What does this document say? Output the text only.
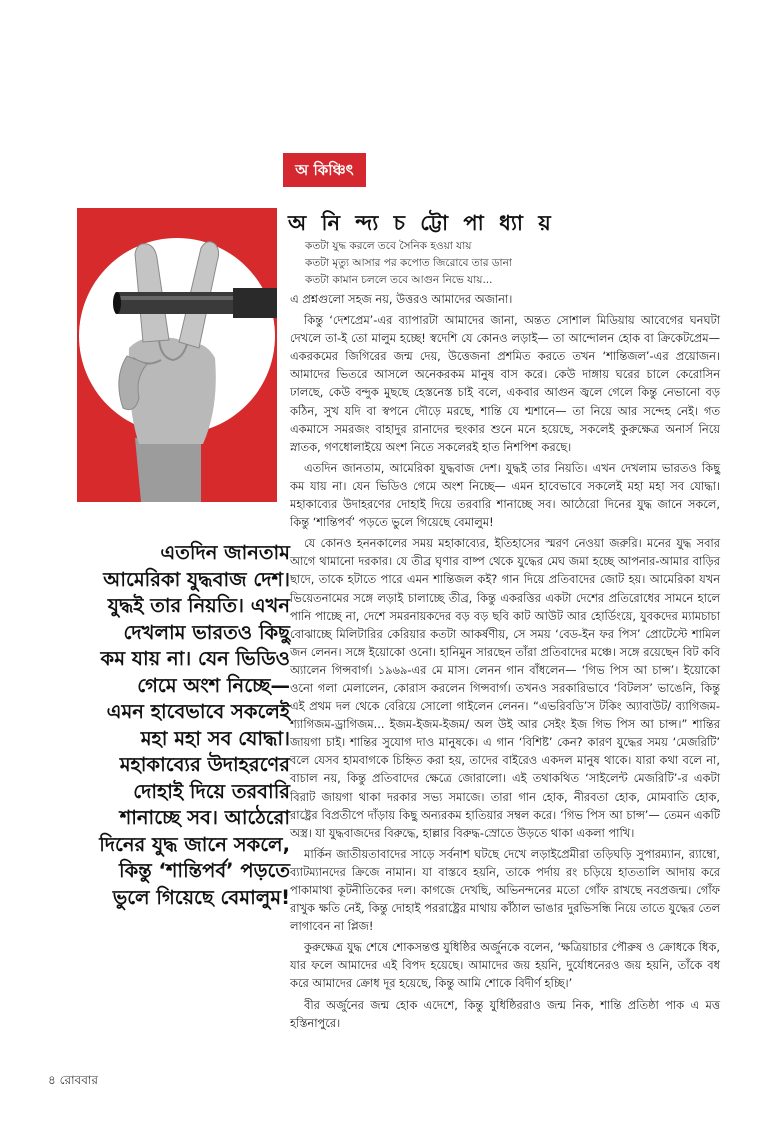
অ কিঞ্চিৎ
অ নি ন্দ্য চ ট্টো পা ধ্যা য়
কতটা যুদ্ধ করলে তবে সৈনিক হওয়া যায়
কতটা মৃত্যু আসার পর কপোত জিরোবে তার ডানা
কতটা কামান চললে তবে আগুন নিভে যায়...
এতদিন জানতাম
আমেরিকা যুদ্ধবাজ দেশ।
যুদ্ধই তার নিয়তি। এখন
দেখলাম ভারতও কিছু
কম যায় না। যেন ভিডিও
গেমে অংশ নিচ্ছে—
এমন হাবেভাবে সকলেই
মহা মহা সব যোদ্ধা।
মহাকাব্যের উদাহরণের
দোহাই দিয়ে তরবারি
শানাচ্ছে সব। আঠেরো
দিনের যুদ্ধ জানে সকলে,
কিন্তু ‘শান্তিপর্ব’ পড়তে
ভুলে গিয়েছে বেমালুম!

এ প্রশ্নগুলো সহজ নয়, উত্তরও আমাদের অজানা।

কিন্তু ‘দেশপ্রেম’-এর ব্যাপারটা আমাদের জানা, অন্তত সোশাল মিডিয়ায় আবেগের ঘনঘটা দেখলে তা-ই তো মালুম হচ্ছে! স্বদেশি যে কোনও লড়াই— তা আন্দোলন হোক বা ক্রিকেটপ্রেম— একরকমের জিগিরের জন্ম দেয়, উত্তেজনা প্রশমিত করতে তখন ‘শান্তিজল’-এর প্রয়োজন। আমাদের ভিতরে আসলে অনেকরকম মানুষ বাস করে। কেউ দাঙ্গায় ঘরের চালে কেরোসিন ঢালছে, কেউ বন্দুক মুছছে হেস্তনেস্ত চাই বলে, একবার আগুন জ্বলে গেলে কিন্তু নেভানো বড় কঠিন, সুখ যদি বা স্বপনে দৌড়ে মরছে, শান্তি যে শ্মশানে— তা নিয়ে আর সন্দেহ নেই। গত একমাসে সমরজং বাহাদুর রানাদের হুংকার শুনে মনে হয়েছে, সকলেই কুরুক্ষেত্র অনার্স নিয়ে স্নাতক, গণধোলাইয়ে অংশ নিতে সকলেরই হাত নিশপিশ করছে।

এতদিন জানতাম, আমেরিকা যুদ্ধবাজ দেশ। যুদ্ধই তার নিয়তি। এখন দেখলাম ভারতও কিছু কম যায় না। যেন ভিডিও গেমে অংশ নিচ্ছে— এমন হাবেভাবে সকলেই মহা মহা সব যোদ্ধা। মহাকাব্যের উদাহরণের দোহাই দিয়ে তরবারি শানাচ্ছে সব। আঠেরো দিনের যুদ্ধ জানে সকলে, কিন্তু ‘শান্তিপর্ব’ পড়তে ভুলে গিয়েছে বেমালুম!

যে কোনও হননকালের সময় মহাকাব্যের, ইতিহাসের স্মরণ নেওয়া জরুরি। মনের যুদ্ধ সবার আগে থামানো দরকার। যে তীব্র ঘৃণার বাষ্প থেকে যুদ্ধের মেঘ জমা হচ্ছে আপনার-আমার বাড়ির ছাদে, তাকে হটাতে পারে এমন শান্তিজল কই? গান দিয়ে প্রতিবাদের জোট হয়। আমেরিকা যখন ভিয়েতনামের সঙ্গে লড়াই চালাচ্ছে তীব্র, কিন্তু একরত্তির একটা দেশের প্রতিরোধের সামনে হালে পানি পাচ্ছে না, দেশে সমরনায়কদের বড় বড় ছবি কাট আউট আর হোর্ডিংয়ে, যুবকদের ম্যামচাচা বোঝাচ্ছে মিলিটারির কেরিয়ার কতটা আকর্ষণীয়, সে সময় ‘বেড-ইন ফর পিস’ প্রোটেস্টে শামিল জন লেনন। সঙ্গে ইয়োকো ওনো। হানিমুন সারছেন তাঁরা প্রতিবাদের মঞ্চে। সঙ্গে রয়েছেন বিট কবি অ্যালেন গিন্সবার্গ। ১৯৬৯-এর মে মাস। লেনন গান বাঁধলেন— ‘গিভ পিস আ চান্স’। ইয়োকো ওনো গলা মেলালেন, কোরাস করলেন গিন্সবার্গ। তখনও সরকারিভাবে ‘বিটলস’ ভাঙেনি, কিন্তু এই প্রথম দল থেকে বেরিয়ে সোলো গাইলেন লেনন। “এভরিবডি’স টকিং অ্যাবাউট/ ব্যাগিজম-শ্যাগিজম-ড্রাগিজম... ইজম-ইজম-ইজম/ অল উই আর সেইং ইজ গিভ পিস আ চান্স।” শান্তির জায়গা চাই। শান্তির সুযোগ দাও মানুষকে। এ গান ‘বিশিষ্ট’ কেন? কারণ যুদ্ধের সময় ‘মেজরিটি’ বলে যেসব হামবাগকে চিহ্নিত করা হয়, তাদের বাইরেও একদল মানুষ থাকে। যারা কথা বলে না, বাচাল নয়, কিন্তু প্রতিবাদের ক্ষেত্রে জোরালো। এই তথাকথিত ‘সাইলেন্ট মেজরিটি’-র একটা বিরাট জায়গা থাকা দরকার সভ্য সমাজে। তারা গান হোক, নীরবতা হোক, মোমবাতি হোক, রাষ্ট্রের বিপ্রতীপে দাঁড়ায় কিছু অন্যরকম হাতিয়ার সম্বল করে। ‘গিভ পিস আ চান্স’— তেমন একটি অস্ত্র। যা যুদ্ধবাজদের বিরুদ্ধে, হাল্লার বিরুদ্ধ-স্রোতে উড়তে থাকা একলা পাখি।

মার্কিন জাতীয়তাবাদের সাড়ে সর্বনাশ ঘটছে দেখে লড়াইপ্রেমীরা তড়িঘড়ি সুপারম্যান, র‍্যাম্বো, ব্যাটম্যানদের ক্রিজে নামান। যা বাস্তবে হয়নি, তাকে পর্দায় রং চড়িয়ে হাততালি আদায় করে পাকামাথা কূটনীতিকের দল। কাগজে দেখছি, অভিনন্দনের মতো গোঁফ রাখছে নবপ্রজন্ম। গোঁফ রাখুক ক্ষতি নেই, কিন্তু দোহাই পররাষ্ট্রের মাথায় কাঁঠাল ভাঙার দুরভিসন্ধি নিয়ে তাতে যুদ্ধের তেল লাগাবেন না প্লিজ!

কুরুক্ষেত্র যুদ্ধ শেষে শোকসন্তপ্ত যুধিষ্ঠির অর্জুনকে বলেন, ‘ক্ষত্রিয়াচার পৌরুষ ও ক্রোধকে ধিক, যার ফলে আমাদের এই বিপদ হয়েছে। আমাদের জয় হয়নি, দুর্যোধনেরও জয় হয়নি, তাঁকে বধ করে আমাদের ক্রোধ দূর হয়েছে, কিন্তু আমি শোকে বিদীর্ণ হচ্ছি।’

বীর অর্জুনের জন্ম হোক এদেশে, কিন্তু যুধিষ্ঠিররাও জন্ম নিক, শান্তি প্রতিষ্ঠা পাক এ মত্ত হস্তিনাপুরে।

৪ রোববার
